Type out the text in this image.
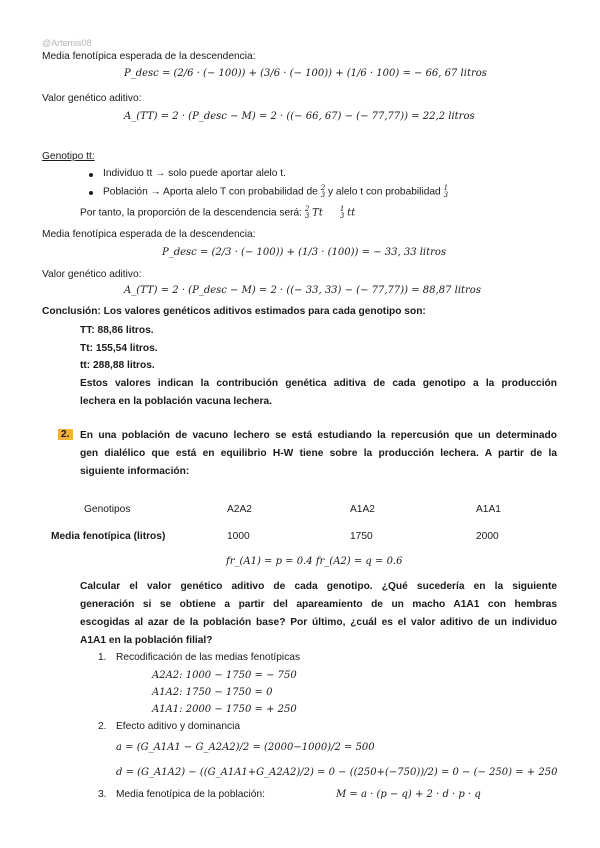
@Artemis08
Media fenotípica esperada de la descendencia:
P_desc = (2/6 · (− 100)) + (3/6 · (− 100)) + (1/6 · 100) = − 66, 67 litros
Valor genético aditivo:
A_(TT) = 2 · (P_desc − M) = 2 · ((− 66, 67) − (− 77,77)) = 22,2 litros
Genotipo tt:
Individuo tt → solo puede aportar alelo t.
Población → Aporta alelo T con probabilidad de 2
3 y alelo t con probabilidad 1
3
Por tanto, la proporción de la descendencia será: 2
3 Tt 1
3 tt
Media fenotípica esperada de la descendencia:
P_desc = (2/3 · (− 100)) + (1/3 · (100)) = − 33, 33 litros
Valor genético aditivo:
A_(TT) = 2 · (P_desc − M) = 2 · ((− 33, 33) − (− 77,77)) = 88,87 litros
Conclusión: Los valores genéticos aditivos estimados para cada genotipo son:
TT: 88,86 litros.
Tt: 155,54 litros.
tt: 288,88 litros.
Estos valores indican la contribución genética aditiva de cada genotipo a la producción
lechera en la población vacuna lechera.
2. En una población de vacuno lechero se está estudiando la repercusión que un determinado
gen dialélico que está en equilibrio H-W tiene sobre la producción lechera. A partir de la
siguiente información:
Genotipos	A2A2	A1A2	A1A1
Media fenotípica (litros)	1000	1750	2000
fr_(A1) = p = 0.4 fr_(A2) = q = 0.6
Calcular el valor genético aditivo de cada genotipo. ¿Qué sucedería en la siguiente
generación si se obtiene a partir del apareamiento de un macho A1A1 con hembras
escogidas al azar de la población base? Por último, ¿cuál es el valor aditivo de un individuo
A1A1 en la población filial?
1. Recodificación de las medias fenotípicas
A2A2: 1000 − 1750 = − 750
A1A2: 1750 − 1750 = 0
A1A1: 2000 − 1750 = + 250
2. Efecto aditivo y dominancia
a = (G_A1A1 − G_A2A2)/2 = (2000−1000)/2 = 500
d = (G_A1A2) − ((G_A1A1+G_A2A2)/2) = 0 − ((250+(−750))/2) = 0 − (− 250) = + 250
3. Media fenotípica de la población:	M = a · (p − q) + 2 · d · p · q
